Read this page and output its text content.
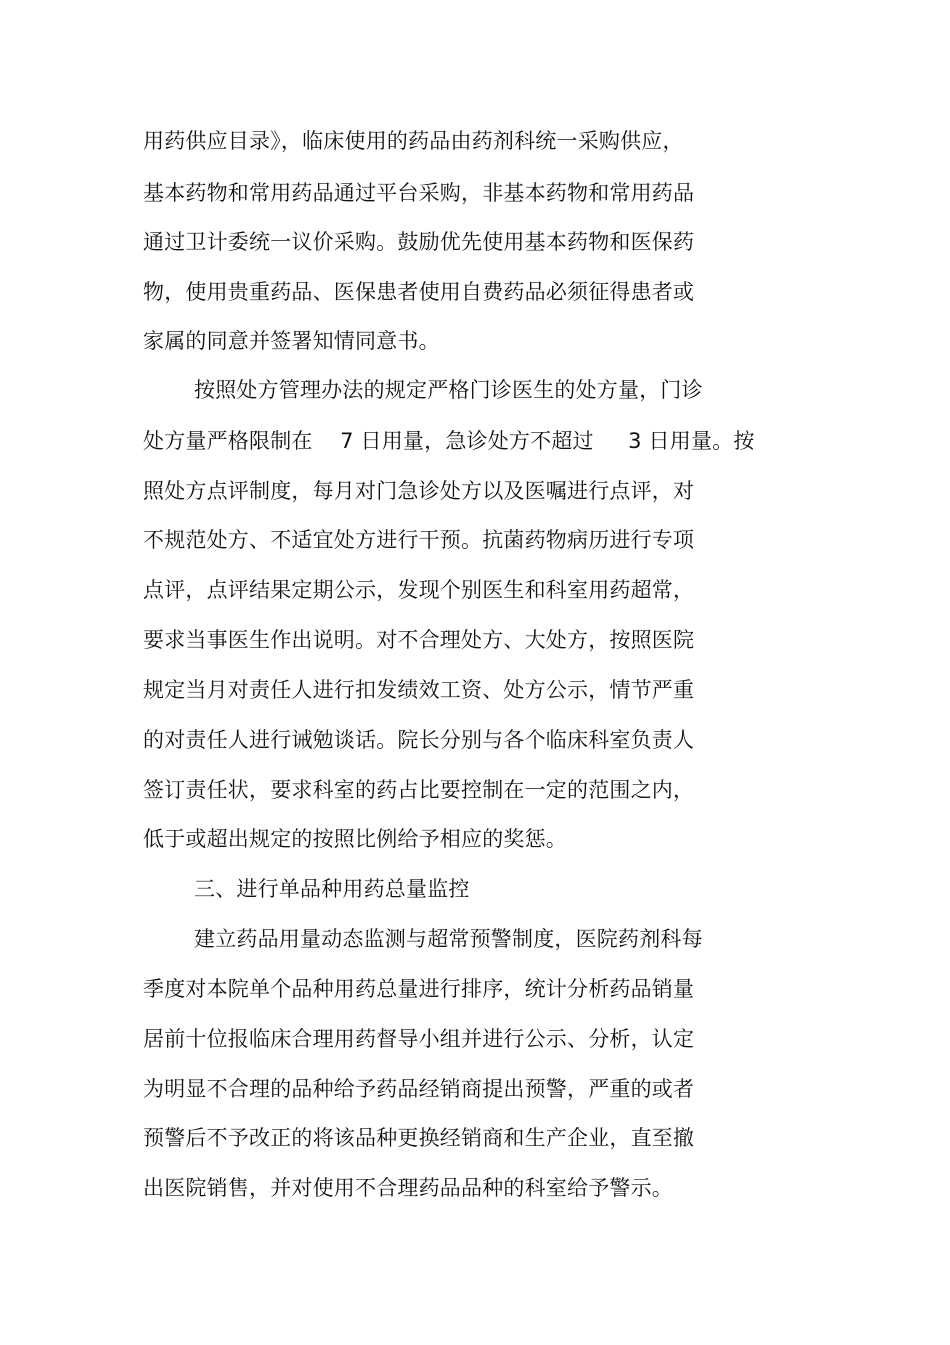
用药供应目录》，临床使用的药品由药剂科统一采购供应，
基本药物和常用药品通过平台采购，非基本药物和常用药品
通过卫计委统一议价采购。鼓励优先使用基本药物和医保药
物，使用贵重药品、医保患者使用自费药品必须征得患者或
家属的同意并签署知情同意书。
按照处方管理办法的规定严格门诊医生的处方量，门诊
处方量严格限制在    7 日用量，急诊处方不超过     3 日用量。按
照处方点评制度，每月对门急诊处方以及医嘱进行点评，对
不规范处方、不适宜处方进行干预。抗菌药物病历进行专项
点评，点评结果定期公示，发现个别医生和科室用药超常，
要求当事医生作出说明。对不合理处方、大处方，按照医院
规定当月对责任人进行扣发绩效工资、处方公示，情节严重
的对责任人进行诫勉谈话。院长分别与各个临床科室负责人
签订责任状，要求科室的药占比要控制在一定的范围之内，
低于或超出规定的按照比例给予相应的奖惩。
三、进行单品种用药总量监控
建立药品用量动态监测与超常预警制度，医院药剂科每
季度对本院单个品种用药总量进行排序，统计分析药品销量
居前十位报临床合理用药督导小组并进行公示、分析，认定
为明显不合理的品种给予药品经销商提出预警，严重的或者
预警后不予改正的将该品种更换经销商和生产企业，直至撤
出医院销售，并对使用不合理药品品种的科室给予警示。
